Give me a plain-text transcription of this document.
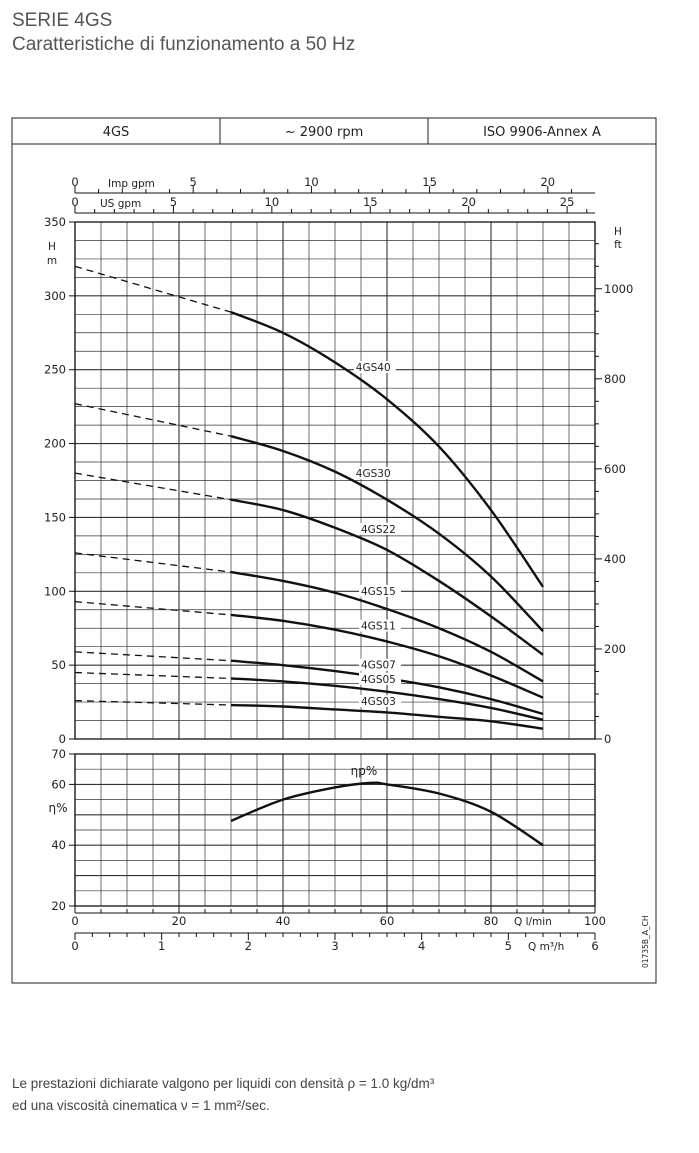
SERIE 4GS
Caratteristiche di funzionamento a 50 Hz
4GS	~ 2900 rpm	ISO 9906-Annex A
0
50
100
150
200
250
300
350
H
m
0
200
400
600
800
1000
H
ft
0	5	10	15	20
Imp gpm
0	5	10	15	20	25
US gpm
4GS40
4GS30
4GS22
4GS15
4GS11
4GS07
4GS05
4GS03
20
40
60
70
η%
ηp%
0	20	40	60	80	100
Q l/min
0	1	2	3	4	5	6
Q m³/h	01735B_A_CH
Le prestazioni dichiarate valgono per liquidi con densità ρ = 1.0 kg/dm³
ed una viscosità cinematica ν = 1 mm²/sec.
